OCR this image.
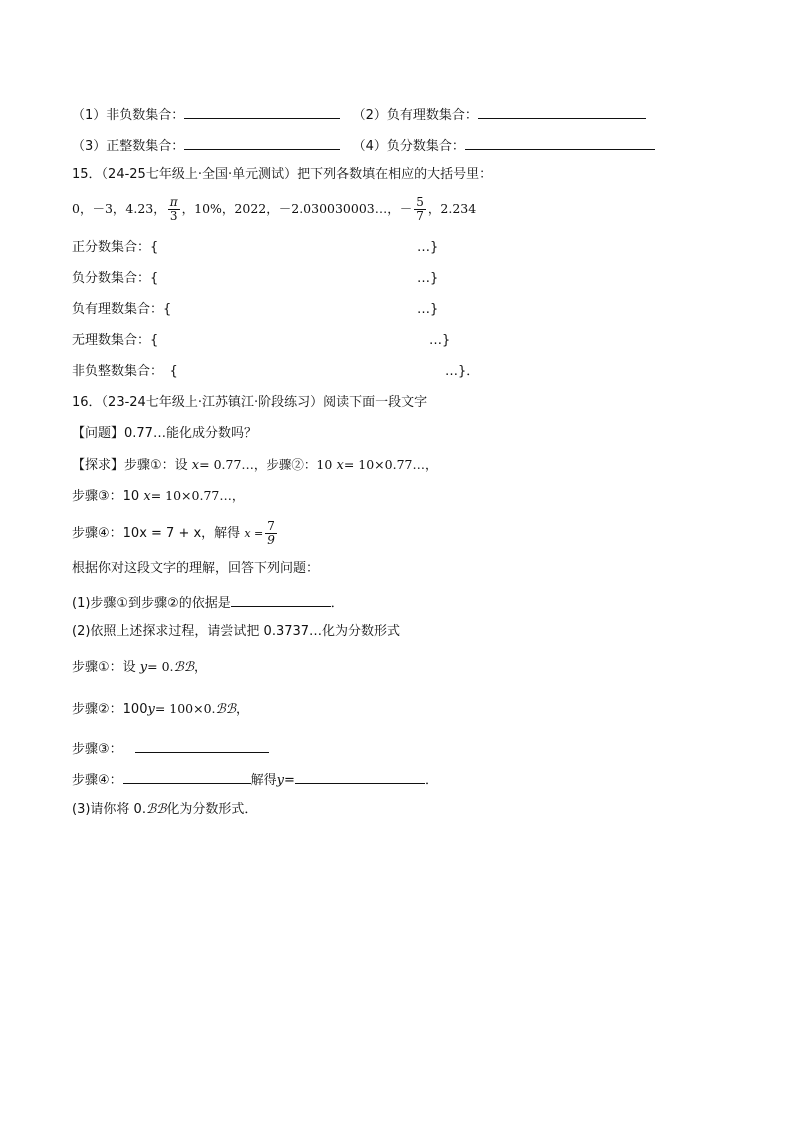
（1）非负数集合：	（2）负有理数集合：
（3）正整数集合：	（4）负分数集合：
15．（24-25七年级上·全国·单元测试）把下列各数填在相应的大括号里：
0，－3，4.23， $\frac{\pi}{3}$ ，10%，2022，－2.030030003…，－ $\frac{5}{7}$ ，2.234
正分数集合：{	…}
负分数集合：{	…}
负有理数集合：{	…}
无理数集合：{	…}
非负整数集合：　{	…}．
16．（23-24七年级上·江苏镇江·阶段练习）阅读下面一段文字
【问题】0.77…能化成分数吗？
【探求】步骤①：设 x= 0.77…，步骤②：10 x= 10×0.77…，
步骤③：10 x= 10×0.77…，
步骤④：10x = 7 + x，解得 $x = \frac{7}{9}$
根据你对这段文字的理解，回答下列问题：
(1)步骤①到步骤②的依据是	．
(2)依照上述探求过程，请尝试把 0.3737…化为分数形式
步骤①：设 y= 0.ℬℬ，
步骤②：100y= 100×0.ℬℬ，
步骤③：
步骤④：	解得y=	．
(3)请你将 0.ℬℬ化为分数形式．
